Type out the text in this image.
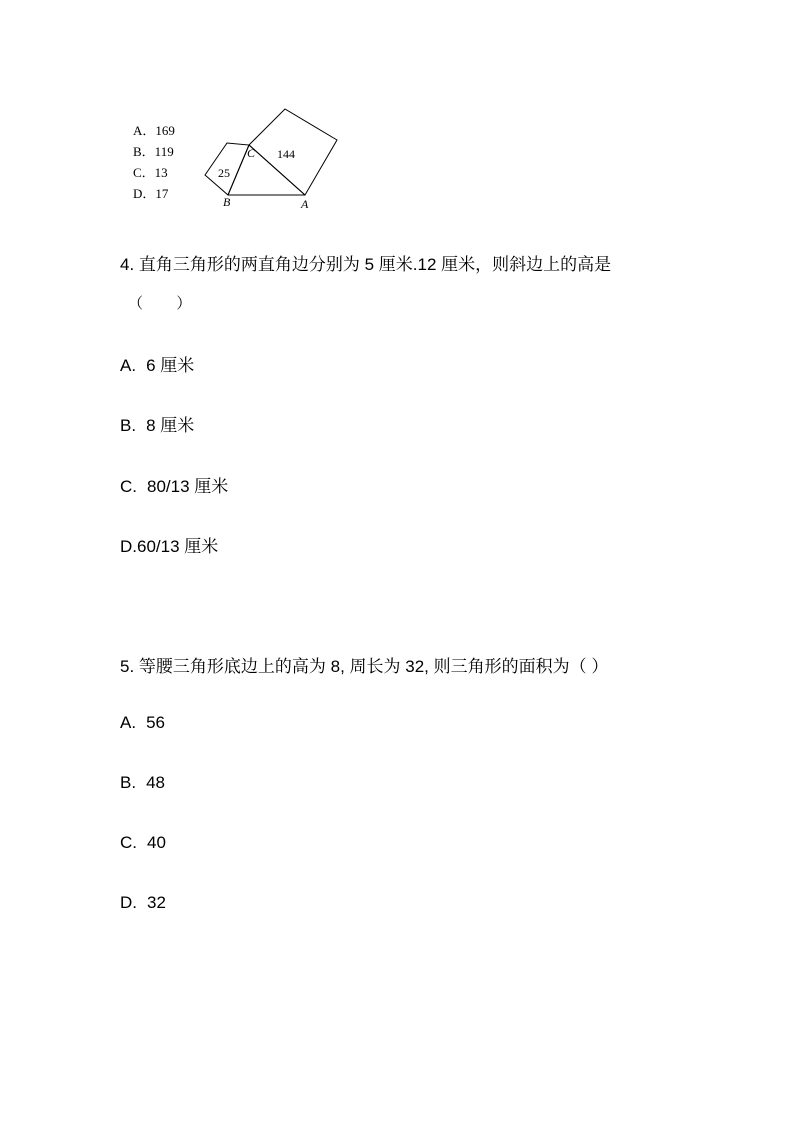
A．169
B．119
C．13
D．17
25
144
C
B	A
4. 直角三角形的两直角边分别为 5 厘米.12 厘米，则斜边上的高是
（        ）
A. 6 厘米
B. 8 厘米
C. 80/13 厘米
D.60/13 厘米
5. 等腰三角形底边上的高为 8, 周长为 32, 则三角形的面积为（ ）
A. 56
B. 48
C. 40
D. 32
